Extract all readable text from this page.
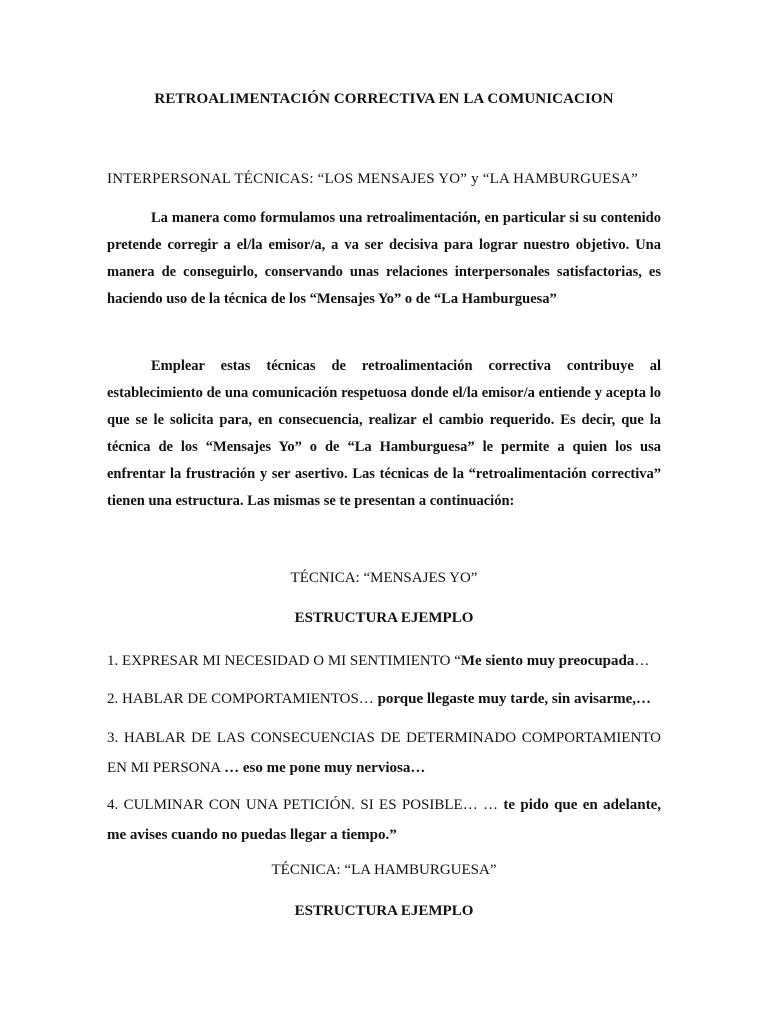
RETROALIMENTACIÓN CORRECTIVA EN LA COMUNICACION
INTERPERSONAL TÉCNICAS: “LOS MENSAJES YO” y “LA HAMBURGUESA”
La manera como formulamos una retroalimentación, en particular si su contenido pretende corregir a el/la emisor/a, a va ser decisiva para lograr nuestro objetivo. Una manera de conseguirlo, conservando unas relaciones interpersonales satisfactorias, es haciendo uso de la técnica de los “Mensajes Yo” o de “La Hamburguesa”
Emplear estas técnicas de retroalimentación correctiva contribuye al establecimiento de una comunicación respetuosa donde el/la emisor/a entiende y acepta lo que se le solicita para, en consecuencia, realizar el cambio requerido. Es decir, que la técnica de los “Mensajes Yo” o de “La Hamburguesa” le permite a quien los usa enfrentar la frustración y ser asertivo. Las técnicas de la “retroalimentación correctiva” tienen una estructura. Las mismas se te presentan a continuación:
TÉCNICA: “MENSAJES YO”
ESTRUCTURA EJEMPLO
1. EXPRESAR MI NECESIDAD O MI SENTIMIENTO “Me siento muy preocupada…
2. HABLAR DE COMPORTAMIENTOS… porque llegaste muy tarde, sin avisarme,…
3. HABLAR DE LAS CONSECUENCIAS DE DETERMINADO COMPORTAMIENTO EN MI PERSONA … eso me pone muy nerviosa…
4. CULMINAR CON UNA PETICIÓN. SI ES POSIBLE… … te pido que en adelante, me avises cuando no puedas llegar a tiempo.”
TÉCNICA: “LA HAMBURGUESA”
ESTRUCTURA EJEMPLO
